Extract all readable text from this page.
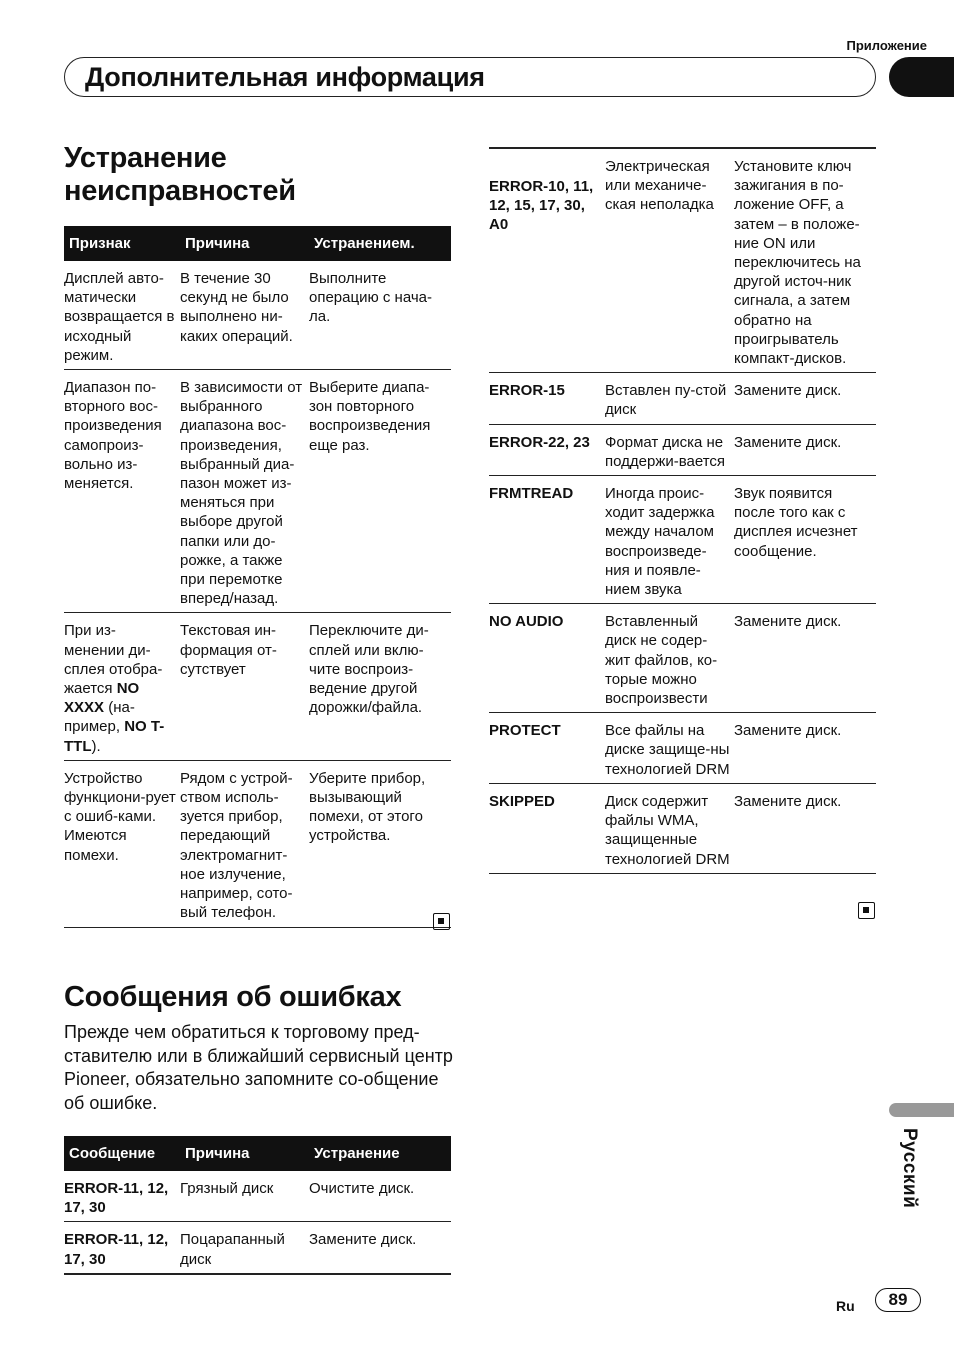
Приложение
Дополнительная информация
Устранение
неисправностей
Признак	Причина	Устранением.
Дисплей авто-матически возвращается в исходный режим.	В течение 30 секунд не было выполнено ни-каких операций.	Выполните операцию с нача-ла.
Диапазон по-вторного вос-произведения самопроиз-вольно из-меняется.	В зависимости от выбранного диапазона вос-произведения, выбранный диа-пазон может из-меняться при выборе другой папки или до-рожке, а также при перемотке вперед/назад.	Выберите диапа-зон повторного воспроизведения еще раз.
При из-менении ди-сплея отобра-жается NO XXXX (на-пример, NO T-TTL).	Текстовая ин-формация от-сутствует	Переключите ди-сплей или вклю-чите воспроиз-ведение другой дорожки/файла.
Устройство функциони-рует с ошиб-ками. Имеются помехи.	Рядом с устрой-ством исполь-зуется прибор, передающий электромагнит-ное излучение, например, сото-вый телефон.	Уберите прибор, вызывающий помехи, от этого устройства.
Сообщения об ошибках

Прежде чем обратиться к торговому пред-ставителю или в ближайший сервисный центр Pioneer, обязательно запомните со-общение об ошибке.

Сообщение	Причина	Устранение
ERROR-11, 12, 17, 30	Грязный диск	Очистите диск.
ERROR-11, 12, 17, 30	Поцарапанный диск	Замените диск.
ERROR-10, 11, 12, 15, 17, 30, A0	Электрическая или механиче-ская неполадка	Установите ключ зажигания в по-ложение OFF, а затем – в положе-ние ON или переключитесь на другой источ-ник сигнала, а затем обратно на проигрыватель компакт-дисков.
ERROR-15	Вставлен пу-стой диск	Замените диск.
ERROR-22, 23	Формат диска не поддержи-вается	Замените диск.
FRMTREAD	Иногда проис-ходит задержка между началом воспроизведе-ния и появле-нием звука	Звук появится после того как с дисплея исчезнет сообщение.
NO AUDIO	Вставленный диск не содер-жит файлов, ко-торые можно воспроизвести	Замените диск.
PROTECT	Все файлы на диске защище-ны технологией DRM	Замените диск.
SKIPPED	Диск содержит файлы WMA, защищенные технологией DRM	Замените диск.
Русский
Ru	89
